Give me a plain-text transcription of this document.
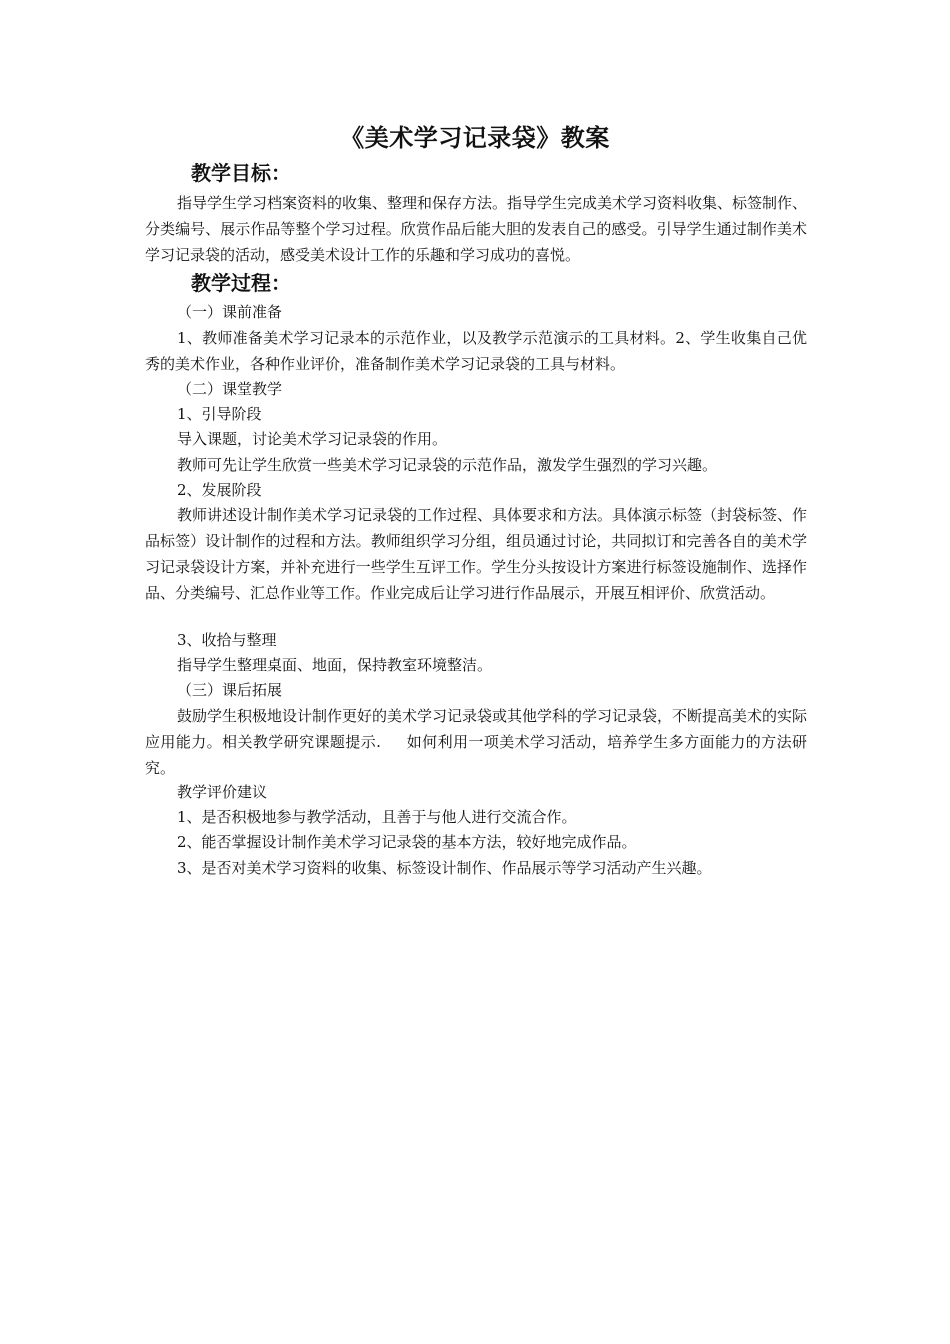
《美术学习记录袋》教案
教学目标：
指导学生学习档案资料的收集、整理和保存方法。指导学生完成美术学习资料收集、标签制作、分类编号、展示作品等整个学习过程。欣赏作品后能大胆的发表自己的感受。引导学生通过制作美术学习记录袋的活动，感受美术设计工作的乐趣和学习成功的喜悦。
教学过程：
（一）课前准备
1、教师准备美术学习记录本的示范作业，以及教学示范演示的工具材料。2、学生收集自己优秀的美术作业，各种作业评价，准备制作美术学习记录袋的工具与材料。
（二）课堂教学
1、引导阶段
导入课题，讨论美术学习记录袋的作用。
教师可先让学生欣赏一些美术学习记录袋的示范作品，激发学生强烈的学习兴趣。
2、发展阶段
教师讲述设计制作美术学习记录袋的工作过程、具体要求和方法。具体演示标签（封袋标签、作品标签）设计制作的过程和方法。教师组织学习分组，组员通过讨论，共同拟订和完善各自的美术学习记录袋设计方案，并补充进行一些学生互评工作。学生分头按设计方案进行标签设施制作、选择作品、分类编号、汇总作业等工作。作业完成后让学习进行作品展示，开展互相评价、欣赏活动。
3、收拾与整理
指导学生整理桌面、地面，保持教室环境整洁。
（三）课后拓展
鼓励学生积极地设计制作更好的美术学习记录袋或其他学科的学习记录袋，不断提高美术的实际应用能力。相关教学研究课题提示.     如何利用一项美术学习活动，培养学生多方面能力的方法研究。
教学评价建议
1、是否积极地参与教学活动，且善于与他人进行交流合作。
2、能否掌握设计制作美术学习记录袋的基本方法，较好地完成作品。
3、是否对美术学习资料的收集、标签设计制作、作品展示等学习活动产生兴趣。
